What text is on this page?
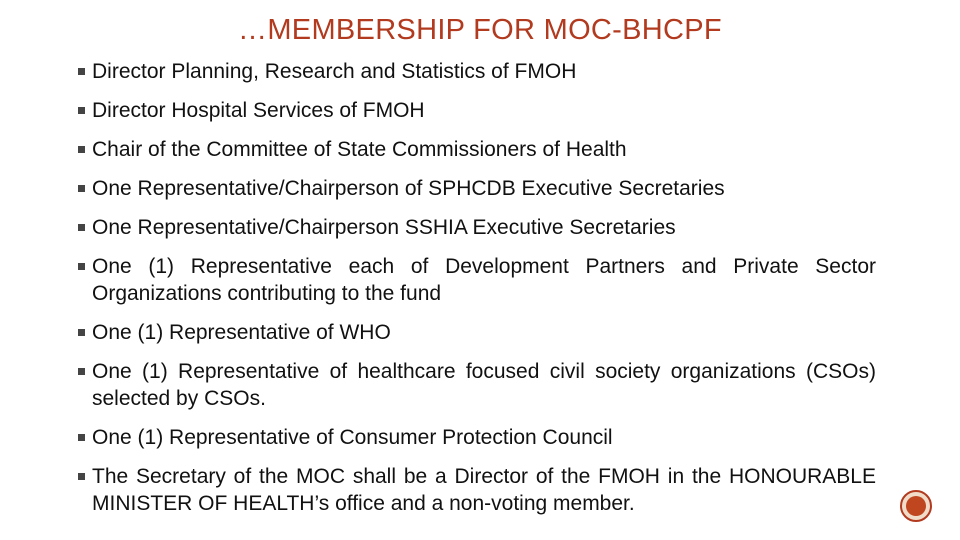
…MEMBERSHIP FOR MOC-BHCPF
Director Planning, Research and Statistics of FMOH
Director Hospital Services of FMOH
Chair of the Committee of State Commissioners of Health
One Representative/Chairperson of SPHCDB Executive Secretaries
One Representative/Chairperson SSHIA Executive Secretaries
One (1) Representative each of Development Partners and Private Sector Organizations contributing to the fund
One (1) Representative of WHO
One (1) Representative of healthcare focused civil society organizations (CSOs) selected by CSOs.
One (1) Representative of Consumer Protection Council
The Secretary of the MOC shall be a Director of the FMOH in the HONOURABLE MINISTER OF HEALTH’s office and a non-voting member.
